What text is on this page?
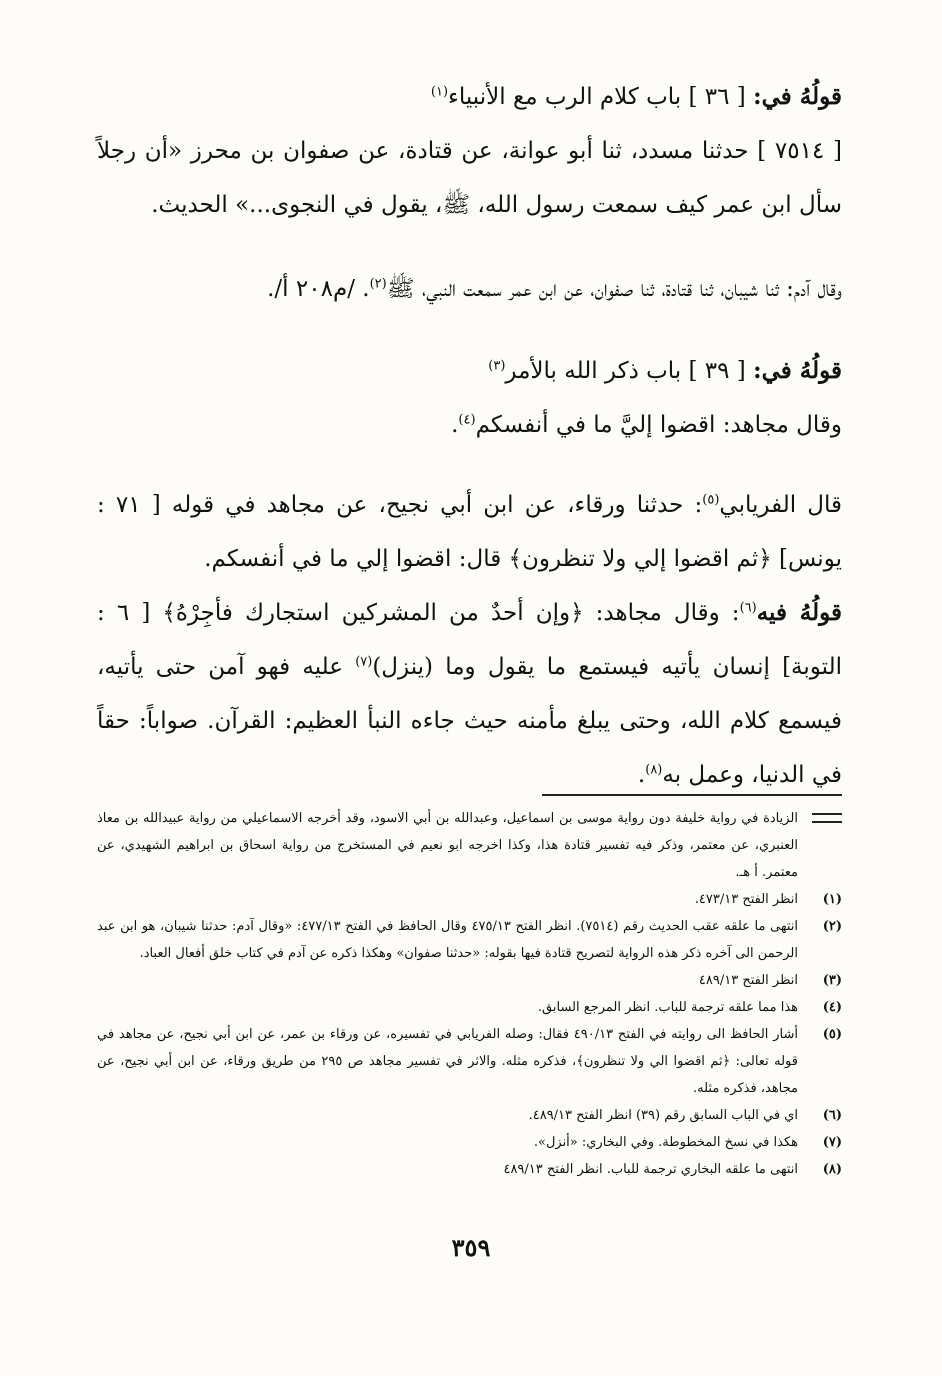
قولُهُ في: [ ٣٦ ] باب كلام الرب مع الأنبياء$^{(١)}$

[ ٧٥١٤ ] حدثنا مسدد، ثنا أبو عوانة، عن قتادة، عن صفوان بن محرز «أن رجلاً سأل ابن عمر كيف سمعت رسول الله، ﷺ، يقول في النجوى...» الحديث.

وقال آدم: ثنا شيبان، ثنا قتادة، ثنا صفوان، عن ابن عمر سمعت النبي، ﷺ$^{(٢)}$. /م٢٠٨ أ/.

قولُهُ في: [ ٣٩ ] باب ذكر الله بالأمر$^{(٣)}$

وقال مجاهد: اقضوا إليَّ ما في أنفسكم$^{(٤)}$.

قال الفريابي$^{(٥)}$: حدثنا ورقاء، عن ابن أبي نجيح، عن مجاهد في قوله [ ٧١ : يونس] ﴿ثم اقضوا إلي ولا تنظرون﴾ قال: اقضوا إلي ما في أنفسكم.

قولُهُ فيه$^{(٦)}$: وقال مجاهد: ﴿وإن أحدٌ من المشركين استجارك فأجِرْهُ﴾ [ ٦ : التوبة] إنسان يأتيه فيستمع ما يقول وما (ينزل)$^{(٧)}$ عليه فهو آمن حتى يأتيه، فيسمع كلام الله، وحتى يبلغ مأمنه حيث جاءه النبأ العظيم: القرآن. صواباً: حقاً في الدنيا، وعمل به$^{(٨)}$.

الزيادة في رواية خليفة دون رواية موسى بن اسماعيل، وعبدالله بن أبي الاسود، وقد أخرجه الاسماعيلي من رواية عبيدالله بن معاذ العنبري، عن معتمر، وذكر فيه تفسير قتادة هذا، وكذا اخرجه ابو نعيم في المستخرج من رواية اسحاق بن ابراهيم الشهيدي، عن معتمر. أ هـ.
(١)
انظر الفتح ٤٧٣/١٣.
(٢)
انتهى ما علقه عقب الحديث رقم (٧٥١٤). انظر الفتح ٤٧٥/١٣ وقال الحافظ في الفتح ٤٧٧/١٣: «وقال آدم: حدثنا شيبان، هو ابن عبد الرحمن الى آخره ذكر هذه الرواية لتصريح قتادة فيها بقوله: «حدثنا صفوان» وهكذا ذكره عن آدم في كتاب خلق أفعال العباد.
(٣)
انظر الفتح ٤٨٩/١٣
(٤)
هذا مما علقه ترجمة للباب. انظر المرجع السابق.
(٥)
أشار الحافظ الى روايته في الفتح ٤٩٠/١٣ فقال: وصله الفريابي في تفسيره، عن ورقاء بن عمر، عن ابن أبي نجيح، عن مجاهد في قوله تعالى: ﴿ثم اقضوا الي ولا تنظرون﴾، فذكره مثله. والاثر في تفسير مجاهد ص ٢٩٥ من طريق ورقاء، عن ابن أبي نجيح، عن مجاهد، فذكره مثله.
(٦)
اي في الباب السابق رقم (٣٩) انظر الفتح ٤٨٩/١٣.
(٧)
هكذا في نسخ المخطوطة. وفي البخاري: «أنزل».
(٨)
انتهى ما علقه البخاري ترجمة للباب. انظر الفتح ٤٨٩/١٣
٣٥٩
